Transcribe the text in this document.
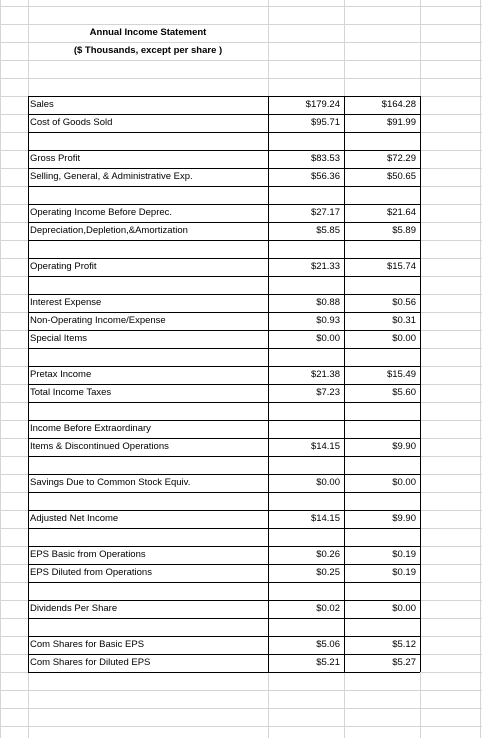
Annual Income Statement
($ Thousands, except per share )
Sales	$179.24	$164.28
Cost of Goods Sold	$95.71	$91.99
Gross Profit	$83.53	$72.29
Selling, General, & Administrative Exp.	$56.36	$50.65
Operating Income Before Deprec.	$27.17	$21.64
Depreciation,Depletion,&Amortization	$5.85	$5.89
Operating Profit	$21.33	$15.74
Interest Expense	$0.88	$0.56
Non-Operating Income/Expense	$0.93	$0.31
Special Items	$0.00	$0.00
Pretax Income	$21.38	$15.49
Total Income Taxes	$7.23	$5.60
Income Before Extraordinary
Items & Discontinued Operations	$14.15	$9.90
Savings Due to Common Stock Equiv.	$0.00	$0.00
Adjusted Net Income	$14.15	$9.90
EPS Basic from Operations	$0.26	$0.19
EPS Diluted from Operations	$0.25	$0.19
Dividends Per Share	$0.02	$0.00
Com Shares for Basic EPS	$5.06	$5.12
Com Shares for Diluted EPS	$5.21	$5.27
